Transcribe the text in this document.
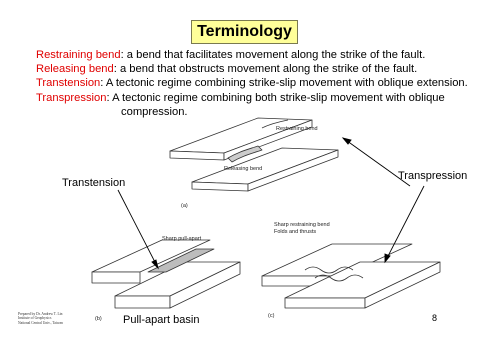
Terminology
Restraining bend: a bend that facilitates movement along the strike of the fault.
Releasing bend: a bend that obstructs movement along the strike of the fault.
Transtension: A tectonic regime combining strike-slip movement with oblique extension.
Transpression: A tectonic regime combining both strike-slip movement with oblique
compression.
Restraining bend
Releasing bend
(a)
Sharp pull-apart
(b)
Sharp restraining bend
Folds and thrusts
(c)
Transtension
Transpression
Pull-apart basin
Prepared by Dr. Andrew T. Lin
Institute of Geophysics
National Central Univ., Taiwan	8
